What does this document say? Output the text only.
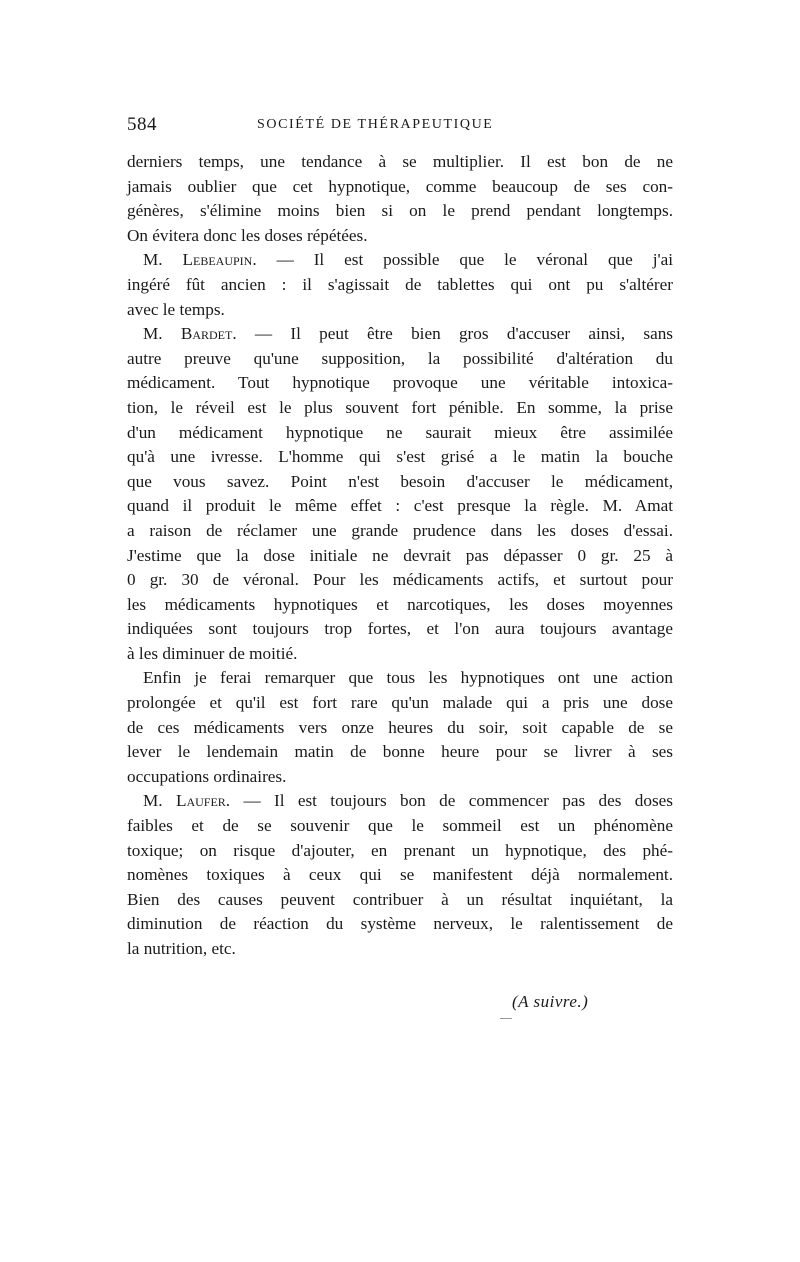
584	SOCIÉTÉ DE THÉRAPEUTIQUE
derniers temps, une tendance à se multiplier. Il est bon de ne
jamais oublier que cet hypnotique, comme beaucoup de ses con-
génères, s'élimine moins bien si on le prend pendant longtemps.
On évitera donc les doses répétées.
M. Lebeaupin. — Il est possible que le véronal que j'ai
ingéré fût ancien : il s'agissait de tablettes qui ont pu s'altérer
avec le temps.
M. Bardet. — Il peut être bien gros d'accuser ainsi, sans
autre preuve qu'une supposition, la possibilité d'altération du
médicament. Tout hypnotique provoque une véritable intoxica-
tion, le réveil est le plus souvent fort pénible. En somme, la prise
d'un médicament hypnotique ne saurait mieux être assimilée
qu'à une ivresse. L'homme qui s'est grisé a le matin la bouche
que vous savez. Point n'est besoin d'accuser le médicament,
quand il produit le même effet : c'est presque la règle. M. Amat
a raison de réclamer une grande prudence dans les doses d'essai.
J'estime que la dose initiale ne devrait pas dépasser 0 gr. 25 à
0 gr. 30 de véronal. Pour les médicaments actifs, et surtout pour
les médicaments hypnotiques et narcotiques, les doses moyennes
indiquées sont toujours trop fortes, et l'on aura toujours avantage
à les diminuer de moitié.
Enfin je ferai remarquer que tous les hypnotiques ont une action
prolongée et qu'il est fort rare qu'un malade qui a pris une dose
de ces médicaments vers onze heures du soir, soit capable de se
lever le lendemain matin de bonne heure pour se livrer à ses
occupations ordinaires.
M. Laufer. — Il est toujours bon de commencer pas des doses
faibles et de se souvenir que le sommeil est un phénomène
toxique; on risque d'ajouter, en prenant un hypnotique, des phé-
nomènes toxiques à ceux qui se manifestent déjà normalement.
Bien des causes peuvent contribuer à un résultat inquiétant, la
diminution de réaction du système nerveux, le ralentissement de
la nutrition, etc.
(A suivre.)
